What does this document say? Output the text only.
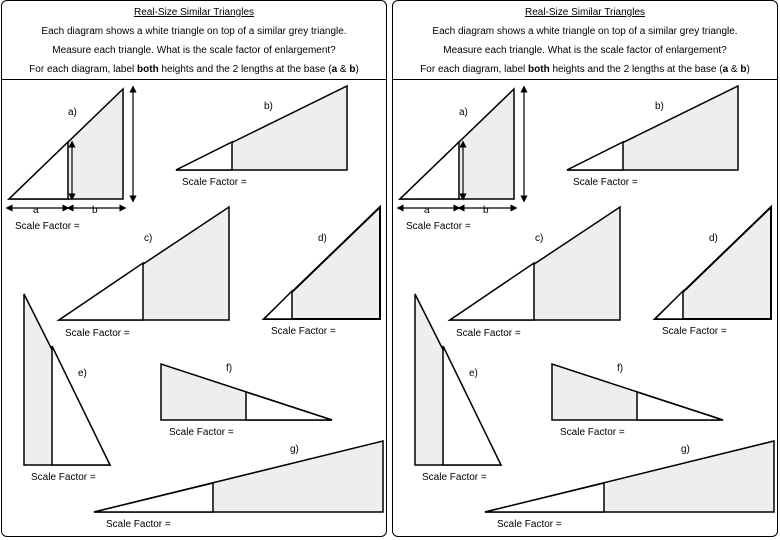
Real-Size Similar Triangles
Each diagram shows a white triangle on top of a similar grey triangle.
Measure each triangle. What is the scale factor of enlargement?
For each diagram, label both heights and the 2 lengths at the base (a & b)
a)
a	b
Scale Factor =
b)
Scale Factor =
c)
Scale Factor =
d)
Scale Factor =
e)
Scale Factor =
f)
Scale Factor =
g)
Scale Factor =
Real-Size Similar Triangles
Each diagram shows a white triangle on top of a similar grey triangle.
Measure each triangle. What is the scale factor of enlargement?
For each diagram, label both heights and the 2 lengths at the base (a & b)
a)
a	b
Scale Factor =
b)
Scale Factor =
c)
Scale Factor =
d)
Scale Factor =
e)
Scale Factor =
f)
Scale Factor =
g)
Scale Factor =
